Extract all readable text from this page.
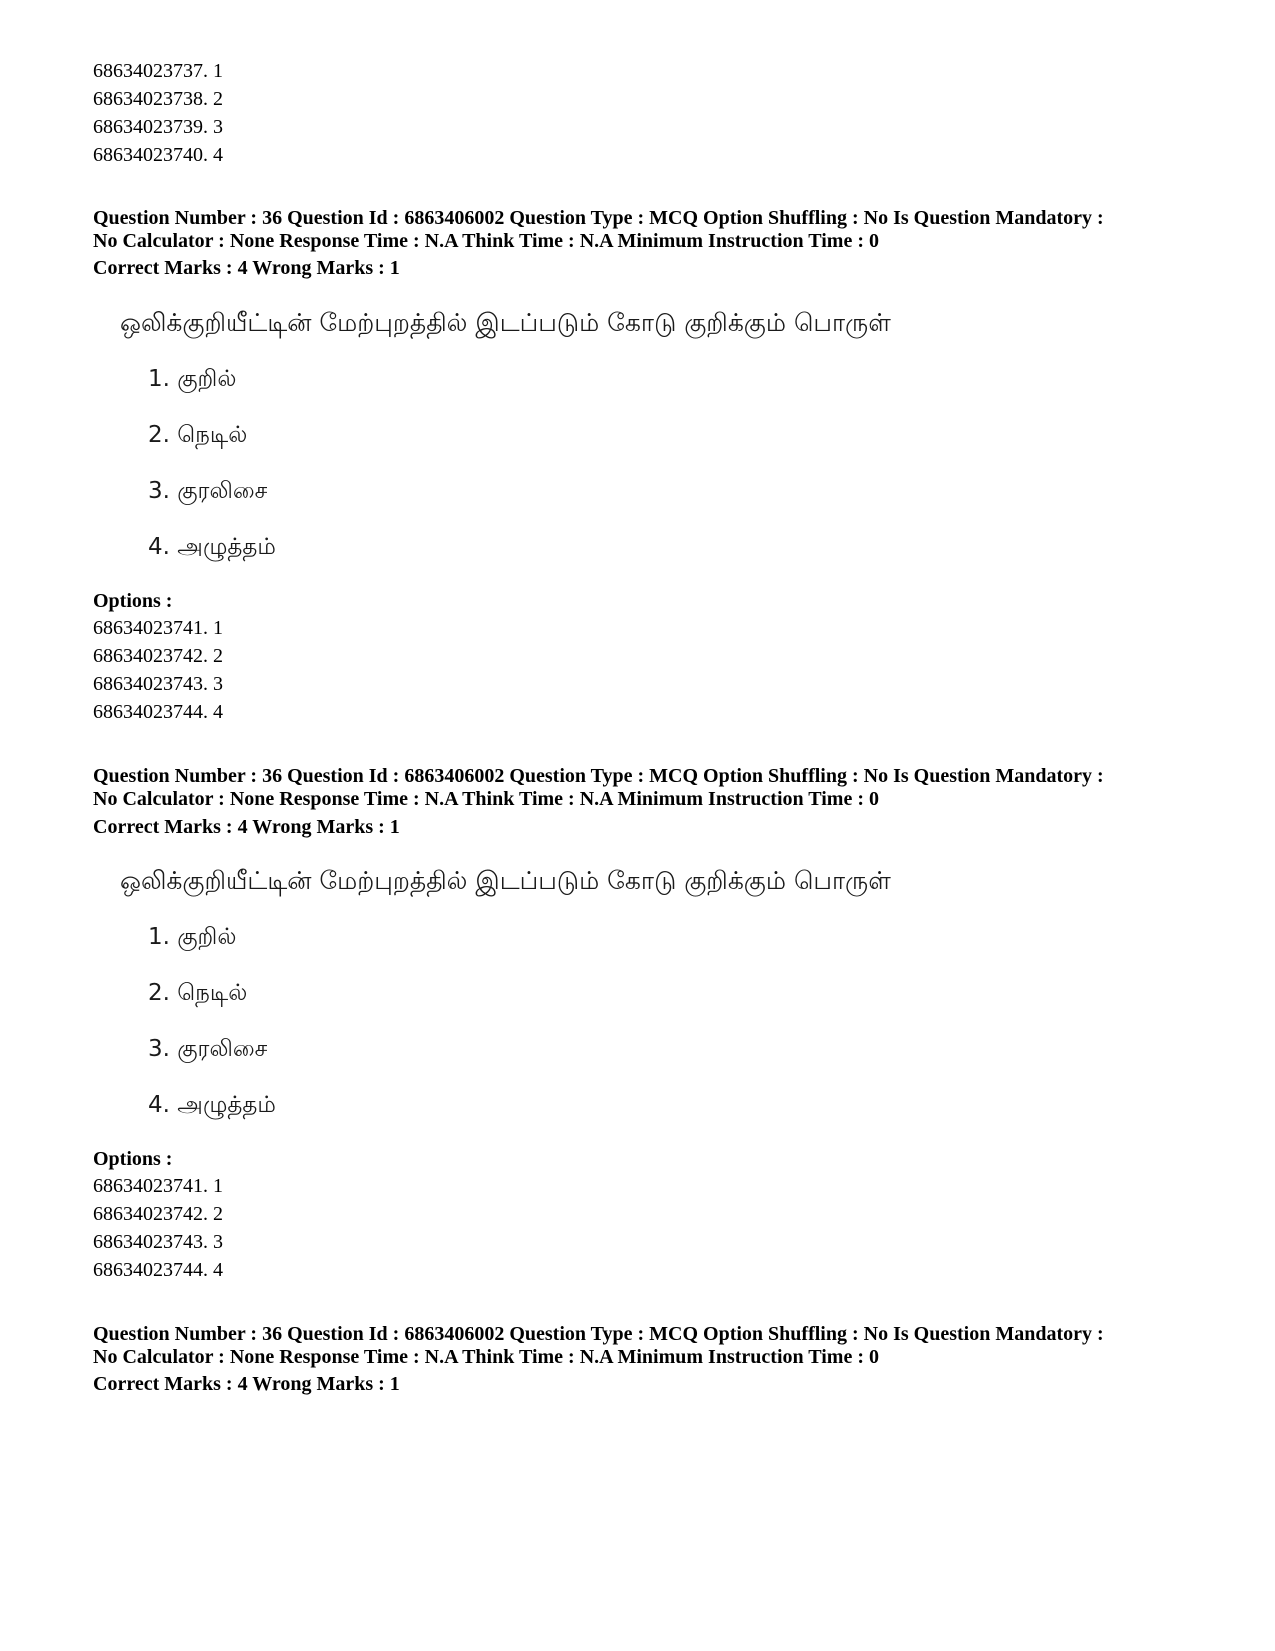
68634023737. 1
68634023738. 2
68634023739. 3
68634023740. 4
Question Number : 36 Question Id : 6863406002 Question Type : MCQ Option Shuffling : No Is Question Mandatory :
No Calculator : None Response Time : N.A Think Time : N.A Minimum Instruction Time : 0
Correct Marks : 4 Wrong Marks : 1
ஒலிக்குறியீட்டின் மேற்புறத்தில் இடப்படும் கோடு குறிக்கும் பொருள்
1. குறில்
2. நெடில்
3. குரலிசை
4. அழுத்தம்
Options :
68634023741. 1
68634023742. 2
68634023743. 3
68634023744. 4
Question Number : 36 Question Id : 6863406002 Question Type : MCQ Option Shuffling : No Is Question Mandatory :
No Calculator : None Response Time : N.A Think Time : N.A Minimum Instruction Time : 0
Correct Marks : 4 Wrong Marks : 1
ஒலிக்குறியீட்டின் மேற்புறத்தில் இடப்படும் கோடு குறிக்கும் பொருள்
1. குறில்
2. நெடில்
3. குரலிசை
4. அழுத்தம்
Options :
68634023741. 1
68634023742. 2
68634023743. 3
68634023744. 4
Question Number : 36 Question Id : 6863406002 Question Type : MCQ Option Shuffling : No Is Question Mandatory :
No Calculator : None Response Time : N.A Think Time : N.A Minimum Instruction Time : 0
Correct Marks : 4 Wrong Marks : 1
